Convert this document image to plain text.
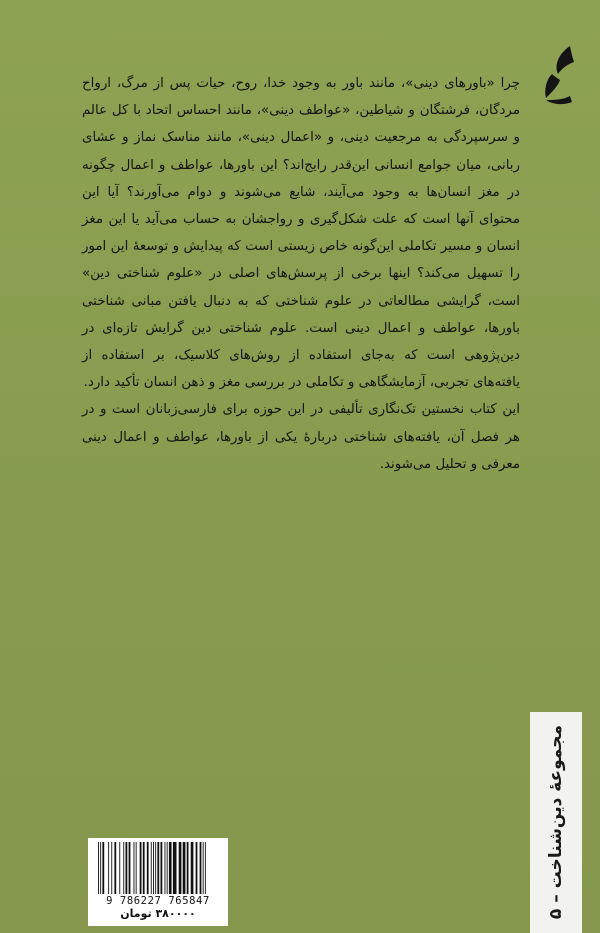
چرا «باورهای دینی»، مانند باور به وجود خدا، روح، حیات پس از مرگ، ارواح مردگان، فرشتگان و شیاطین، «عواطف دینی»، مانند احساس اتحاد با کل عالم و سرسپردگی به مرجعیت دینی، و «اعمال دینی»، مانند مناسک نماز و عشای ربانی، میان جوامع انسانی این‌قدر رایج‌اند؟ این باورها، عواطف و اعمال چگونه در مغز انسان‌ها به وجود می‌آیند، شایع می‌شوند و دوام می‌آورند؟ آیا این محتوای آنها است که علت شکل‌گیری و رواجشان به حساب می‌آید یا این مغز انسان و مسیر تکاملی این‌گونه خاص زیستی است که پیدایش و توسعهٔ این امور را تسهیل می‌کند؟ اینها برخی از پرسش‌های اصلی در «علوم شناختی دین» است، گرایشی مطالعاتی در علوم شناختی که به دنبال یافتن مبانی شناختی باورها، عواطف و اعمال دینی است. علوم شناختی دین گرایش تازه‌ای در دین‌پژوهی است که به‌جای استفاده از روش‌های کلاسیک، بر استفاده از یافته‌های تجربی، آزمایشگاهی و تکاملی در بررسی مغز و ذهن انسان تأکید دارد.

این کتاب نخستین تک‌نگاری تألیفی در این حوزه برای فارسی‌زبانان است و در هر فصل آن، یافته‌های شناختی دربارهٔ یکی از باورها، عواطف و اعمال دینی معرفی و تحلیل می‌شوند.

مجموعهٔ دین‌شناخت – ۵
9 786227 765847
۳۸۰۰۰۰ تومان
